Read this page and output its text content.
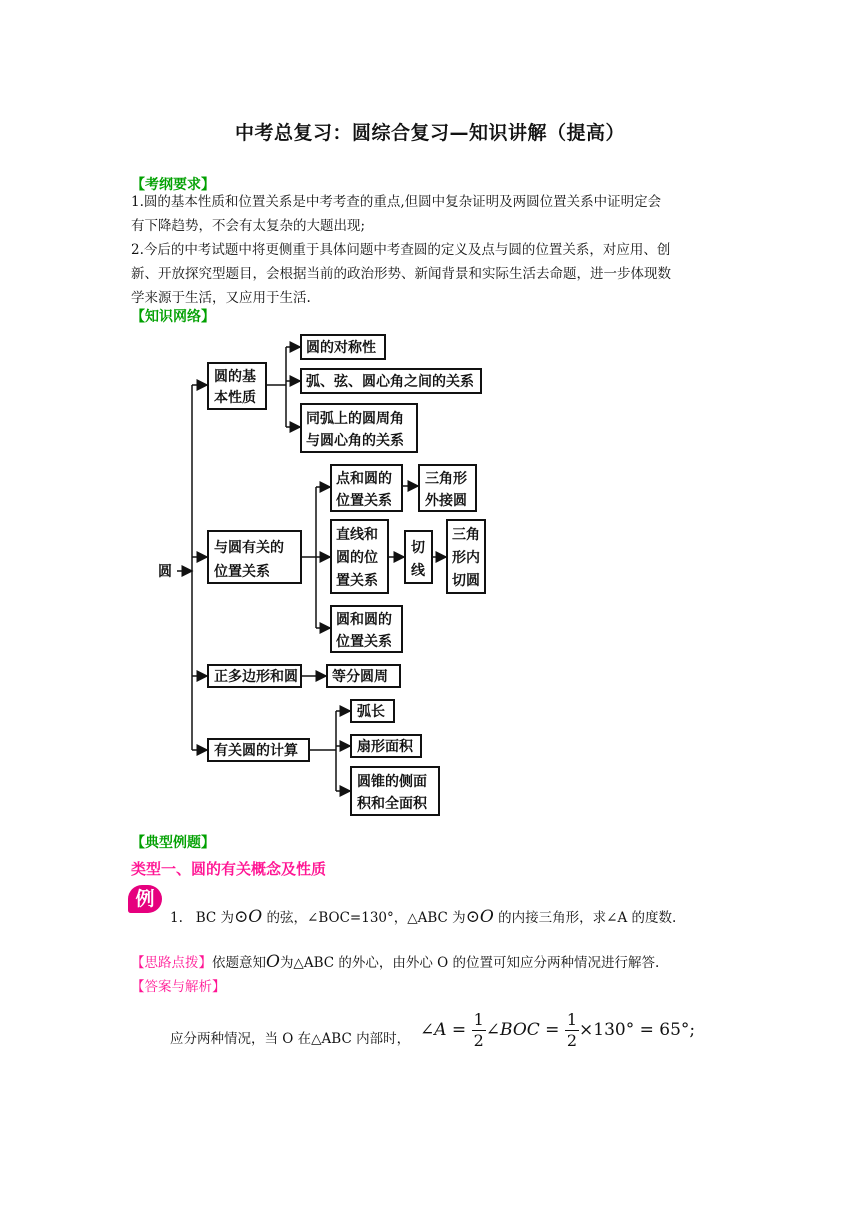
中考总复习：圆综合复习—知识讲解（提高）
【考纲要求】
1.圆的基本性质和位置关系是中考考查的重点,但圆中复杂证明及两圆位置关系中证明定会
有下降趋势，不会有太复杂的大题出现;
2.今后的中考试题中将更侧重于具体问题中考查圆的定义及点与圆的位置关系，对应用、创
新、开放探究型题目，会根据当前的政治形势、新闻背景和实际生活去命题，进一步体现数
学来源于生活，又应用于生活.
【知识网络】
圆
圆的基
本性质
圆的对称性
弧、弦、圆心角之间的关系
同弧上的圆周角
与圆心角的关系
与圆有关的
位置关系
点和圆的
位置关系
三角形
外接圆
直线和
圆的位
置关系
切
线
三角
形内
切圆
圆和圆的
位置关系
正多边形和圆 等分圆周
有关圆的计算
弧长
扇形面积
圆锥的侧面
积和全面积
【典型例题】
类型一、圆的有关概念及性质
例
1. BC 为⊙O 的弦，∠BOC=130°，△ABC 为⊙O 的内接三角形，求∠A 的度数.
【思路点拨】依题意知O为△ABC 的外心，由外心 O 的位置可知应分两种情况进行解答.
【答案与解析】
应分两种情况，当 O 在△ABC 内部时， ∠A = $\frac{1}{2}$ ∠BOC = $\frac{1}{2} \times 130^\circ = 65^\circ$;
